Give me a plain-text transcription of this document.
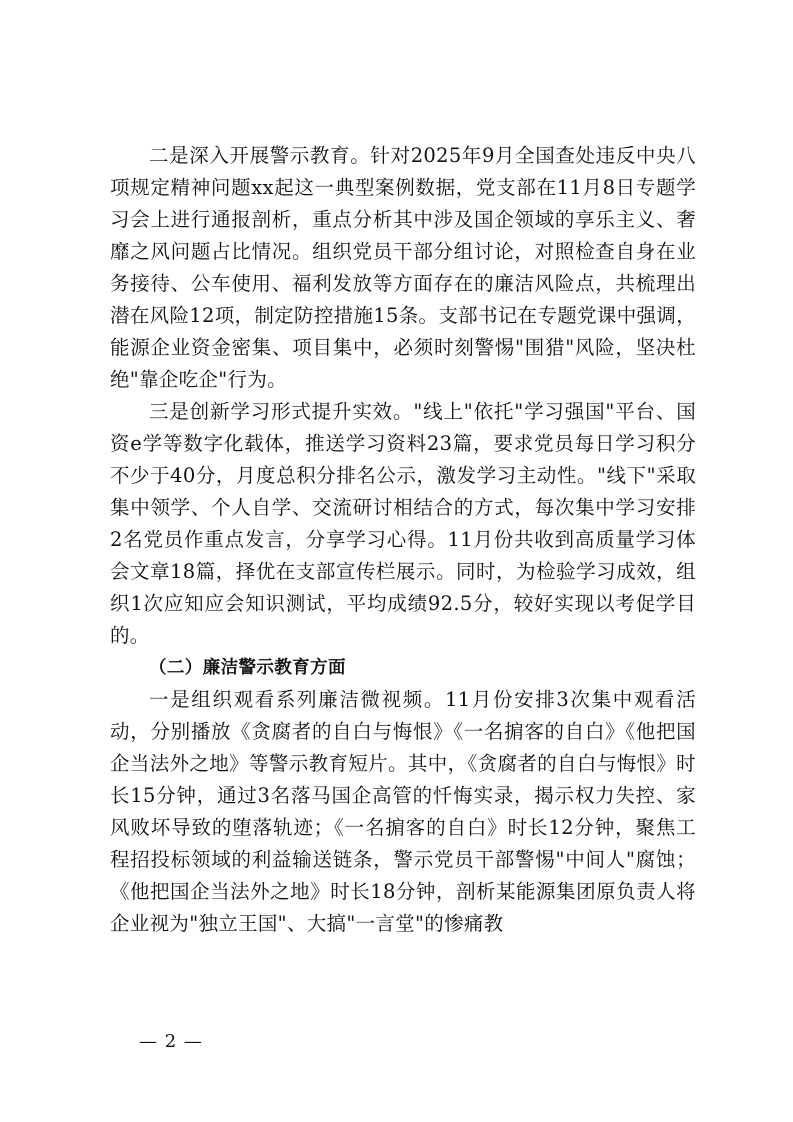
二是深入开展警示教育。针对2025年9月全国查处违反中央八项规定精神问题xx起这一典型案例数据，党支部在11月8日专题学习会上进行通报剖析，重点分析其中涉及国企领域的享乐主义、奢靡之风问题占比情况。组织党员干部分组讨论，对照检查自身在业务接待、公车使用、福利发放等方面存在的廉洁风险点，共梳理出潜在风险12项，制定防控措施15条。支部书记在专题党课中强调，能源企业资金密集、项目集中，必须时刻警惕"围猎"风险，坚决杜绝"靠企吃企"行为。

三是创新学习形式提升实效。"线上"依托"学习强国"平台、国资e学等数字化载体，推送学习资料23篇，要求党员每日学习积分不少于40分，月度总积分排名公示，激发学习主动性。"线下"采取集中领学、个人自学、交流研讨相结合的方式，每次集中学习安排2名党员作重点发言，分享学习心得。11月份共收到高质量学习体会文章18篇，择优在支部宣传栏展示。同时，为检验学习成效，组织1次应知应会知识测试，平均成绩92.5分，较好实现以考促学目的。

（二）廉洁警示教育方面

一是组织观看系列廉洁微视频。11月份安排3次集中观看活动，分别播放《贪腐者的自白与悔恨》《一名掮客的自白》《他把国企当法外之地》等警示教育短片。其中，《贪腐者的自白与悔恨》时长15分钟，通过3名落马国企高管的忏悔实录，揭示权力失控、家风败坏导致的堕落轨迹；《一名掮客的自白》时长12分钟，聚焦工程招投标领域的利益输送链条，警示党员干部警惕"中间人"腐蚀；《他把国企当法外之地》时长18分钟，剖析某能源集团原负责人将企业视为"独立王国"、大搞"一言堂"的惨痛教

— 2 —
